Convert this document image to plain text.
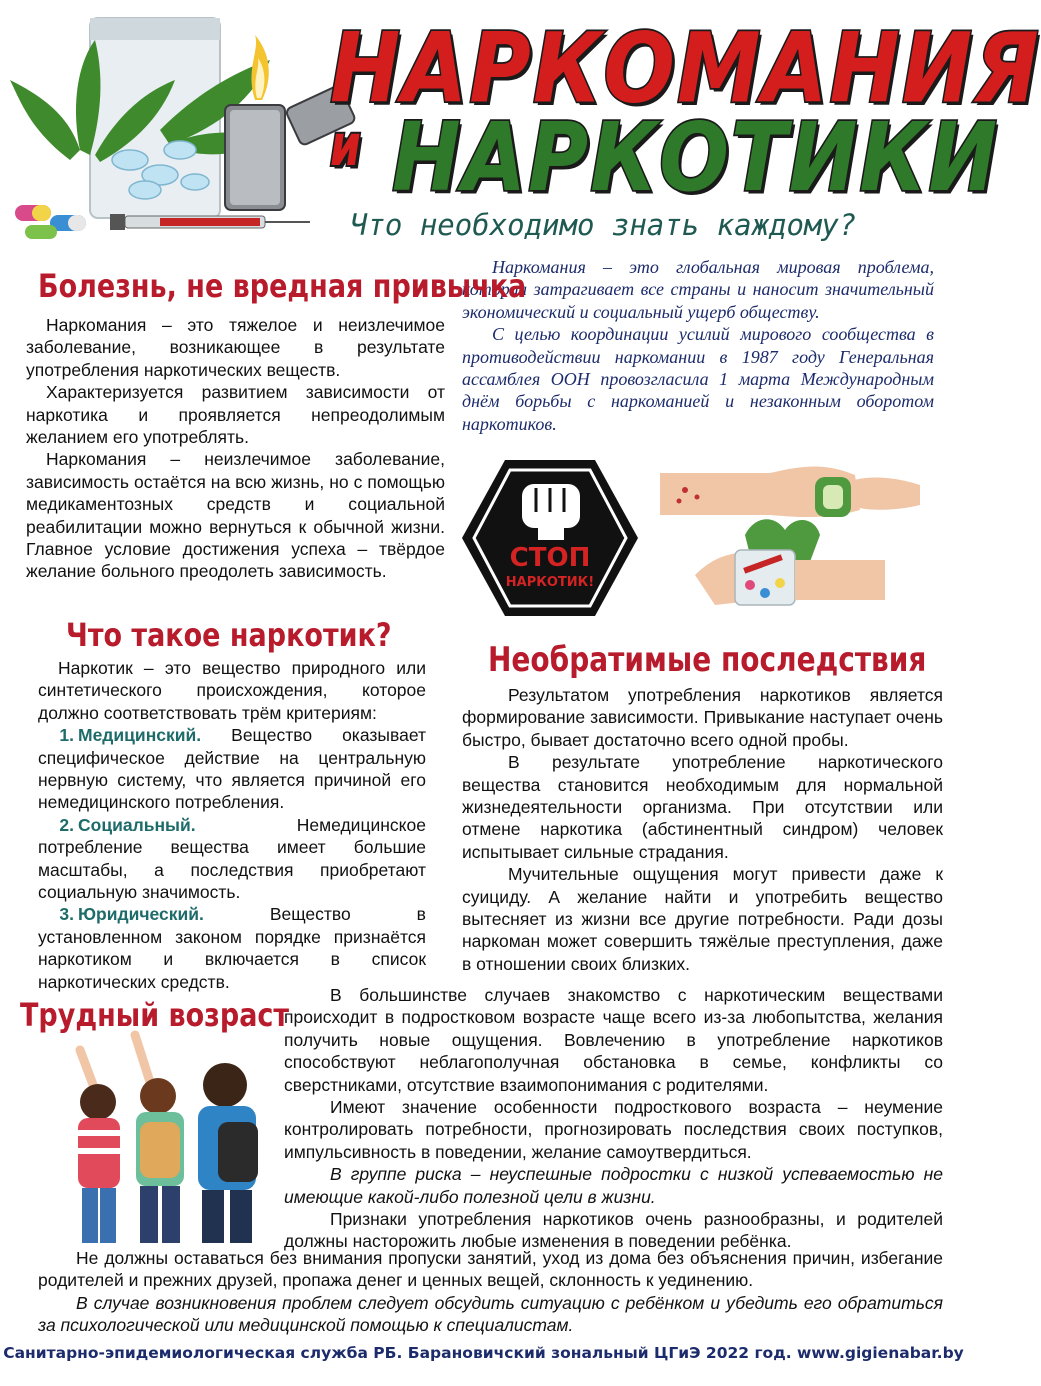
НАРКОМАНИЯ
и НАРКОТИКИ
Что необходимо знать каждому?

Наркомания – это глобальная мировая проблема, которая затрагивает все страны и наносит значительный экономический и социальный ущерб обществу.

С целью координации усилий мирового сообщества в противодействии наркомании в 1987 году Генеральная ассамблея ООН провозгласила 1 марта Международным днём борьбы с наркоманией и незаконным оборотом наркотиков.

Болезнь, не вредная привычка

Наркомания – это тяжелое и неизлечимое заболевание, возникающее в результате употребления наркотических веществ.

Характеризуется развитием зависимости от наркотика и проявляется непреодолимым желанием его употреблять.

Наркомания – неизлечимое заболевание, зависимость остаётся на всю жизнь, но с помощью медикаментозных средств и социальной реабилитации можно вернуться к обычной жизни. Главное условие достижения успеха – твёрдое желание больного преодолеть зависимость.	СТОП
НАРКОТИК!
Что такое наркотик?

Наркотик – это вещество природного или синтетического происхождения, которое должно соответствовать трём критериям:

1. Медицинский. Вещество оказывает специфическое действие на центральную нервную систему, что является причиной его немедицинского потребления.

2. Социальный.	Немедицинское потребление вещества имеет большие масштабы, а последствия приобретают социальную значимость.

3. Юридический.	Вещество в установленном законом порядке признаётся наркотиком и включается в список наркотических средств.

Необратимые последствия

Результатом употребления наркотиков является формирование зависимости. Привыкание наступает очень быстро, бывает достаточно всего одной пробы.

В результате употребление наркотического вещества становится необходимым для нормальной жизнедеятельности организма. При отсутствии или отмене наркотика (абстинентный синдром) человек испытывает сильные страдания.

Мучительные ощущения могут привести даже к суициду. А желание найти и употребить вещество вытесняет из жизни все другие потребности. Ради дозы наркоман может совершить тяжёлые преступления, даже в отношении своих близких.

Трудный возраст

В большинстве случаев знакомство с наркотическим веществами происходит в подростковом возрасте чаще всего из-за любопытства, желания получить новые ощущения. Вовлечению в употребление наркотиков способствуют неблагополучная обстановка в семье, конфликты со сверстниками, отсутствие взаимопонимания с родителями.

Имеют значение особенности подросткового возраста – неумение контролировать потребности, прогнозировать последствия своих поступков, импульсивность в поведении, желание самоутвердиться.

В группе риска – неуспешные подростки с низкой успеваемостью не имеющие какой-либо полезной цели в жизни.

Признаки употребления наркотиков очень разнообразны, и родителей должны насторожить любые изменения в поведении ребёнка.

Не должны оставаться без внимания пропуски занятий, уход из дома без объяснения причин, избегание родителей и прежних друзей, пропажа денег и ценных вещей, склонность к уединению.

В случае возникновения проблем следует обсудить ситуацию с ребёнком и убедить его обратиться за психологической или медицинской помощью к специалистам.

Санитарно-эпидемиологическая служба РБ. Барановичский зональный ЦГиЭ 2022 год. www.gigienabar.by
